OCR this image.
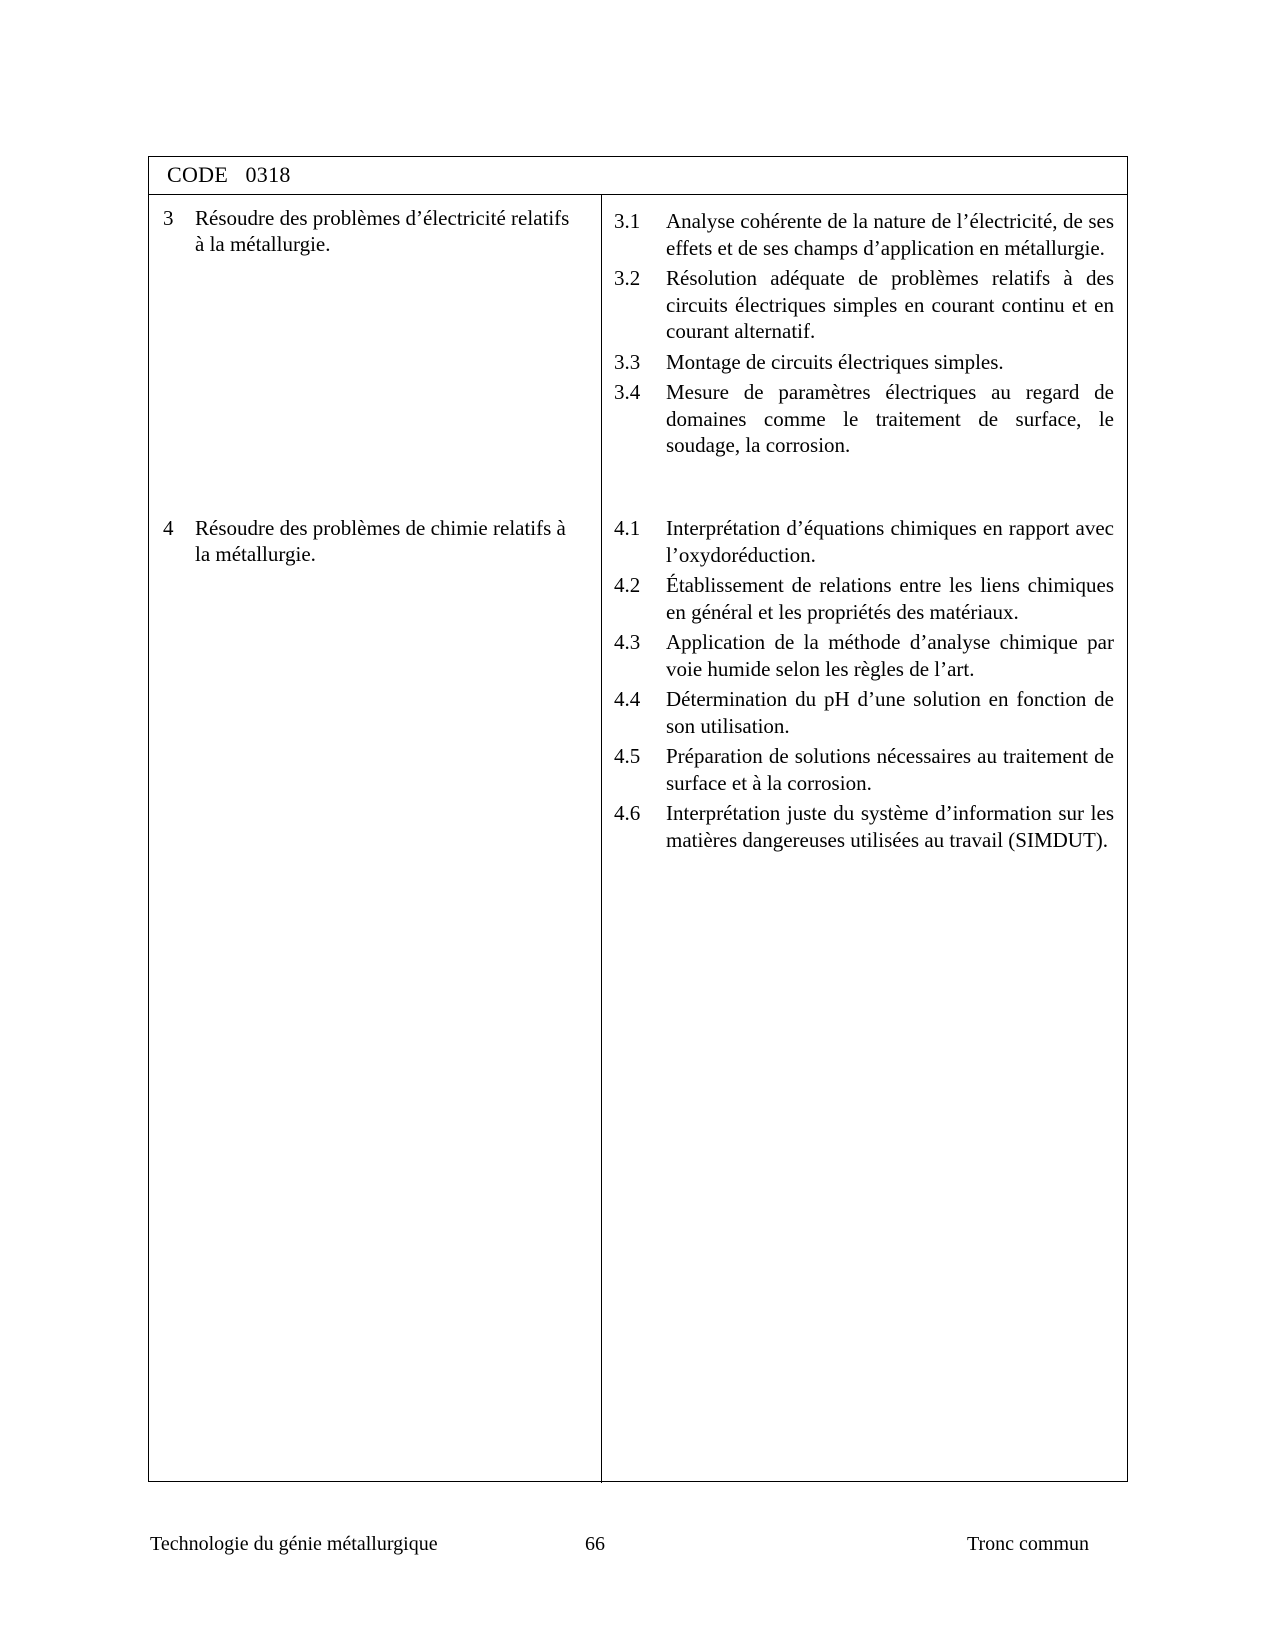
CODE   0318
3 Résoudre des problèmes d’électricité relatifs à la métallurgie.
3.1 Analyse cohérente de la nature de l’électricité, de ses effets et de ses champs d’application en métallurgie.
3.2 Résolution adéquate de problèmes relatifs à des circuits électriques simples en courant continu et en courant alternatif.
3.3 Montage de circuits électriques simples.
3.4 Mesure de paramètres électriques au regard de domaines comme le traitement de surface, le soudage, la corrosion.
4 Résoudre des problèmes de chimie relatifs à la métallurgie.
4.1 Interprétation d’équations chimiques en rapport avec l’oxydoréduction.
4.2 Établissement de relations entre les liens chimiques en général et les propriétés des matériaux.
4.3 Application de la méthode d’analyse chimique par voie humide selon les règles de l’art.
4.4 Détermination du pH d’une solution en fonction de son utilisation.
4.5 Préparation de solutions nécessaires au traitement de surface et à la corrosion.
4.6 Interprétation juste du système d’information sur les matières dangereuses utilisées au travail (SIMDUT).
Technologie du génie métallurgique	66	Tronc commun
